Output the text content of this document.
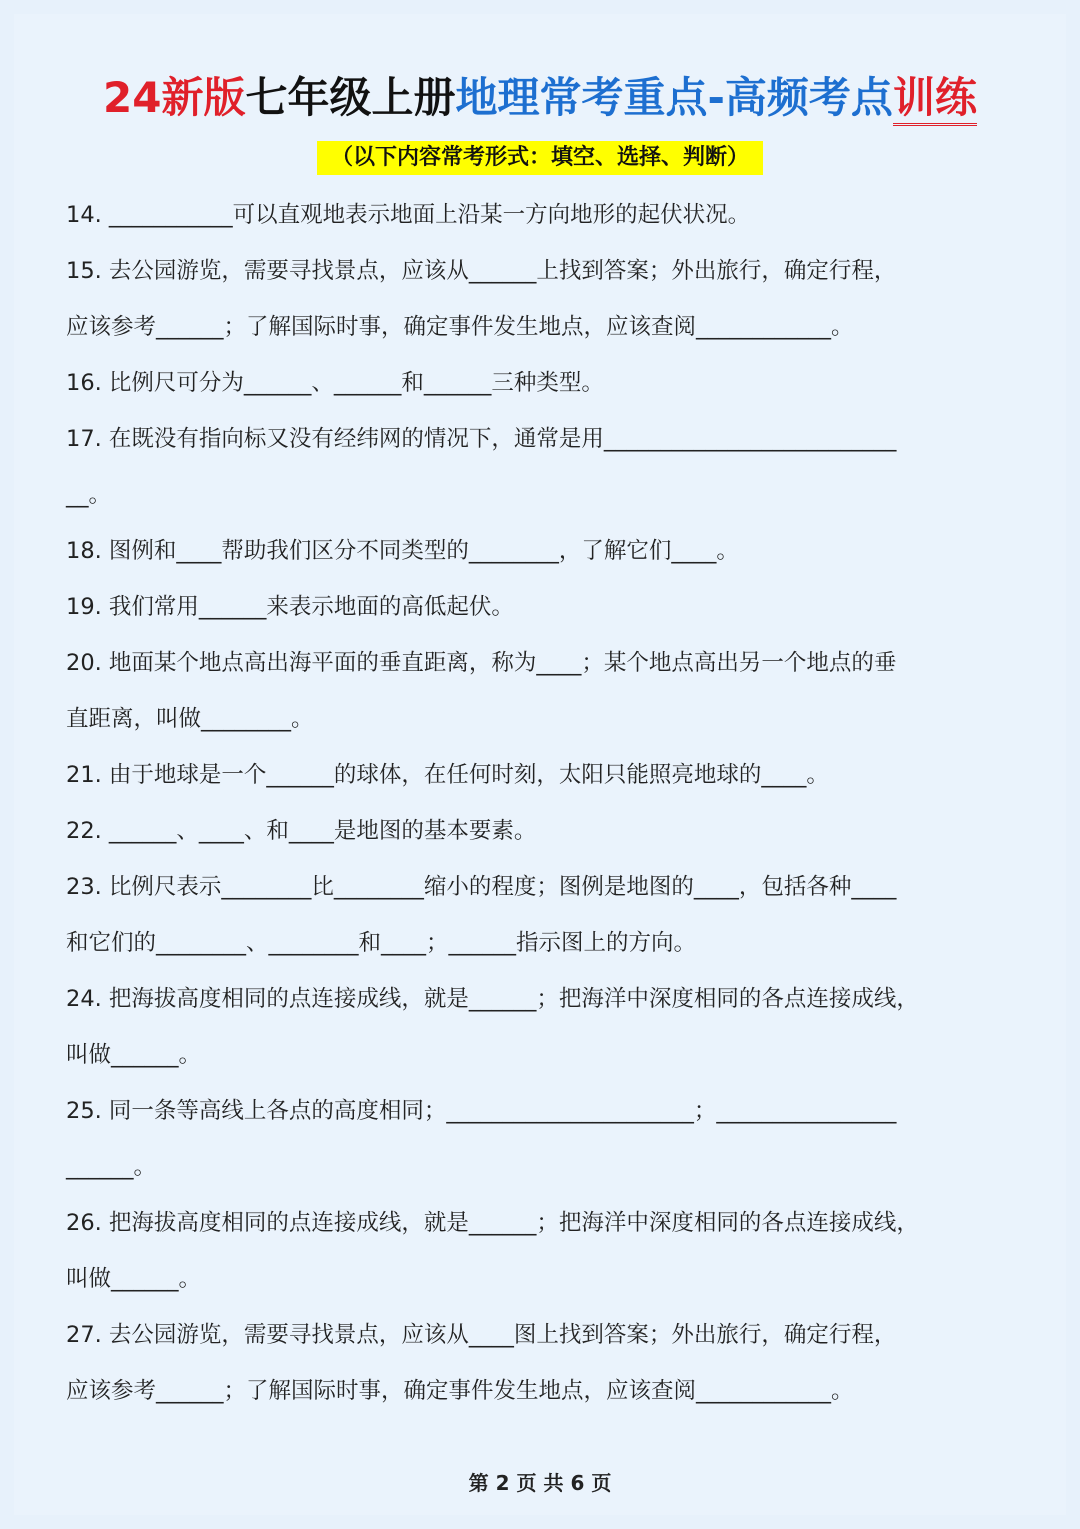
24新版七年级上册地理常考重点-高频考点训练
（以下内容常考形式：填空、选择、判断）
14. ___________可以直观地表示地面上沿某一方向地形的起伏状况。
15. 去公园游览，需要寻找景点，应该从______上找到答案；外出旅行，确定行程，
应该参考______；了解国际时事，确定事件发生地点，应该查阅____________。
16. 比例尺可分为______、______和______三种类型。
17. 在既没有指向标又没有经纬网的情况下，通常是用__________________________
__。
18. 图例和____帮助我们区分不同类型的________，了解它们____。
19. 我们常用______来表示地面的高低起伏。
20. 地面某个地点高出海平面的垂直距离，称为____；某个地点高出另一个地点的垂
直距离，叫做________。
21. 由于地球是一个______的球体，在任何时刻，太阳只能照亮地球的____。
22. ______、____、和____是地图的基本要素。
23. 比例尺表示________比________缩小的程度；图例是地图的____，包括各种____
和它们的________、________和____；______指示图上的方向。
24. 把海拔高度相同的点连接成线，就是______；把海洋中深度相同的各点连接成线，
叫做______。
25. 同一条等高线上各点的高度相同；______________________；________________
______。
26. 把海拔高度相同的点连接成线，就是______；把海洋中深度相同的各点连接成线，
叫做______。
27. 去公园游览，需要寻找景点，应该从____图上找到答案；外出旅行，确定行程，
应该参考______；了解国际时事，确定事件发生地点，应该查阅____________。
第 2 页 共 6 页
